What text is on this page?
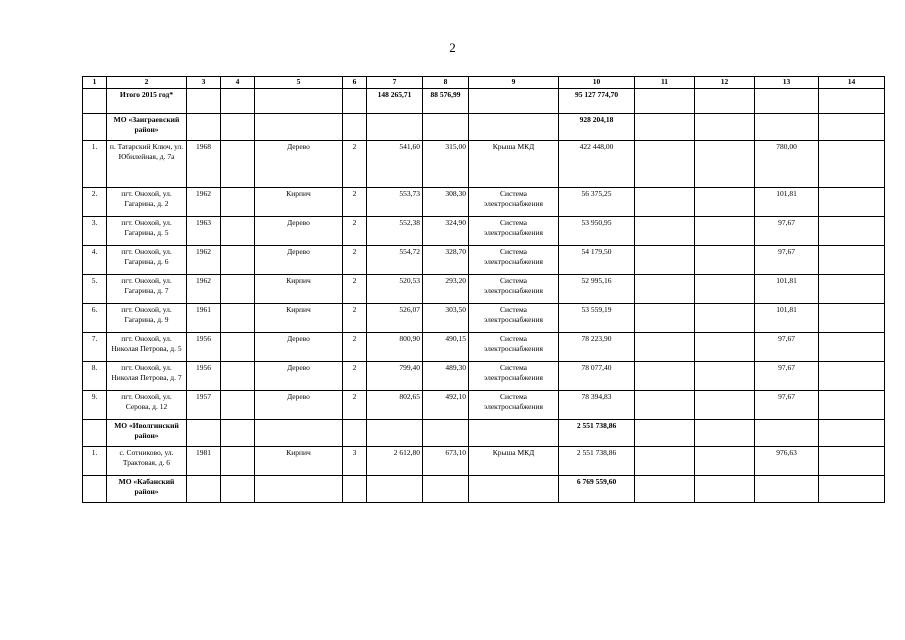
2
1	2	3	4	5	6	7	8	9	10	11	12	13	14
	Итого 2015 год*					148 265,71	88 576,99		95 127 774,70				
	МО «Заиграевский район»								928 204,18				
1.	п. Татарский Ключ, ул. Юбилейная, д. 7а	1968		Дерево	2	541,60	315,00	Крыша МКД	422 448,00			780,00	
2.	пгт. Онохой, ул. Гагарина, д. 2	1962		Кирпич	2	553,73	308,30	Система электроснабжения	56 375,25			101,81	
3.	пгт. Онохой, ул. Гагарина, д. 5	1963		Дерево	2	552,38	324,90	Система электроснабжения	53 950,95			97,67	
4.	пгт. Онохой, ул. Гагарина, д. 6	1962		Дерево	2	554,72	328,70	Система электроснабжения	54 179,50			97,67	
5.	пгт. Онохой, ул. Гагарина, д. 7	1962		Кирпич	2	520,53	293,20	Система электроснабжения	52 995,16			101,81	
6.	пгт. Онохой, ул. Гагарина, д. 9	1961		Кирпич	2	526,07	303,50	Система электроснабжения	53 559,19			101,81	
7.	пгт. Онохой, ул. Николая Петрова, д. 5	1956		Дерево	2	800,90	490,15	Система электроснабжения	78 223,90			97,67	
8.	пгт. Онохой, ул. Николая Петрова, д. 7	1956		Дерево	2	799,40	489,30	Система электроснабжения	78 077,40			97,67	
9.	пгт. Онохой, ул. Серова, д. 12	1957		Дерево	2	802,65	492,10	Система электроснабжения	78 394,83			97,67	
	МО «Иволгинский район»								2 551 738,86				
1.	с. Сотниково, ул. Трактовая, д. 6	1981		Кирпич	3	2 612,80	673,10	Крыша МКД	2 551 738,86			976,63	
	МО «Кабанский район»								6 769 559,60				
